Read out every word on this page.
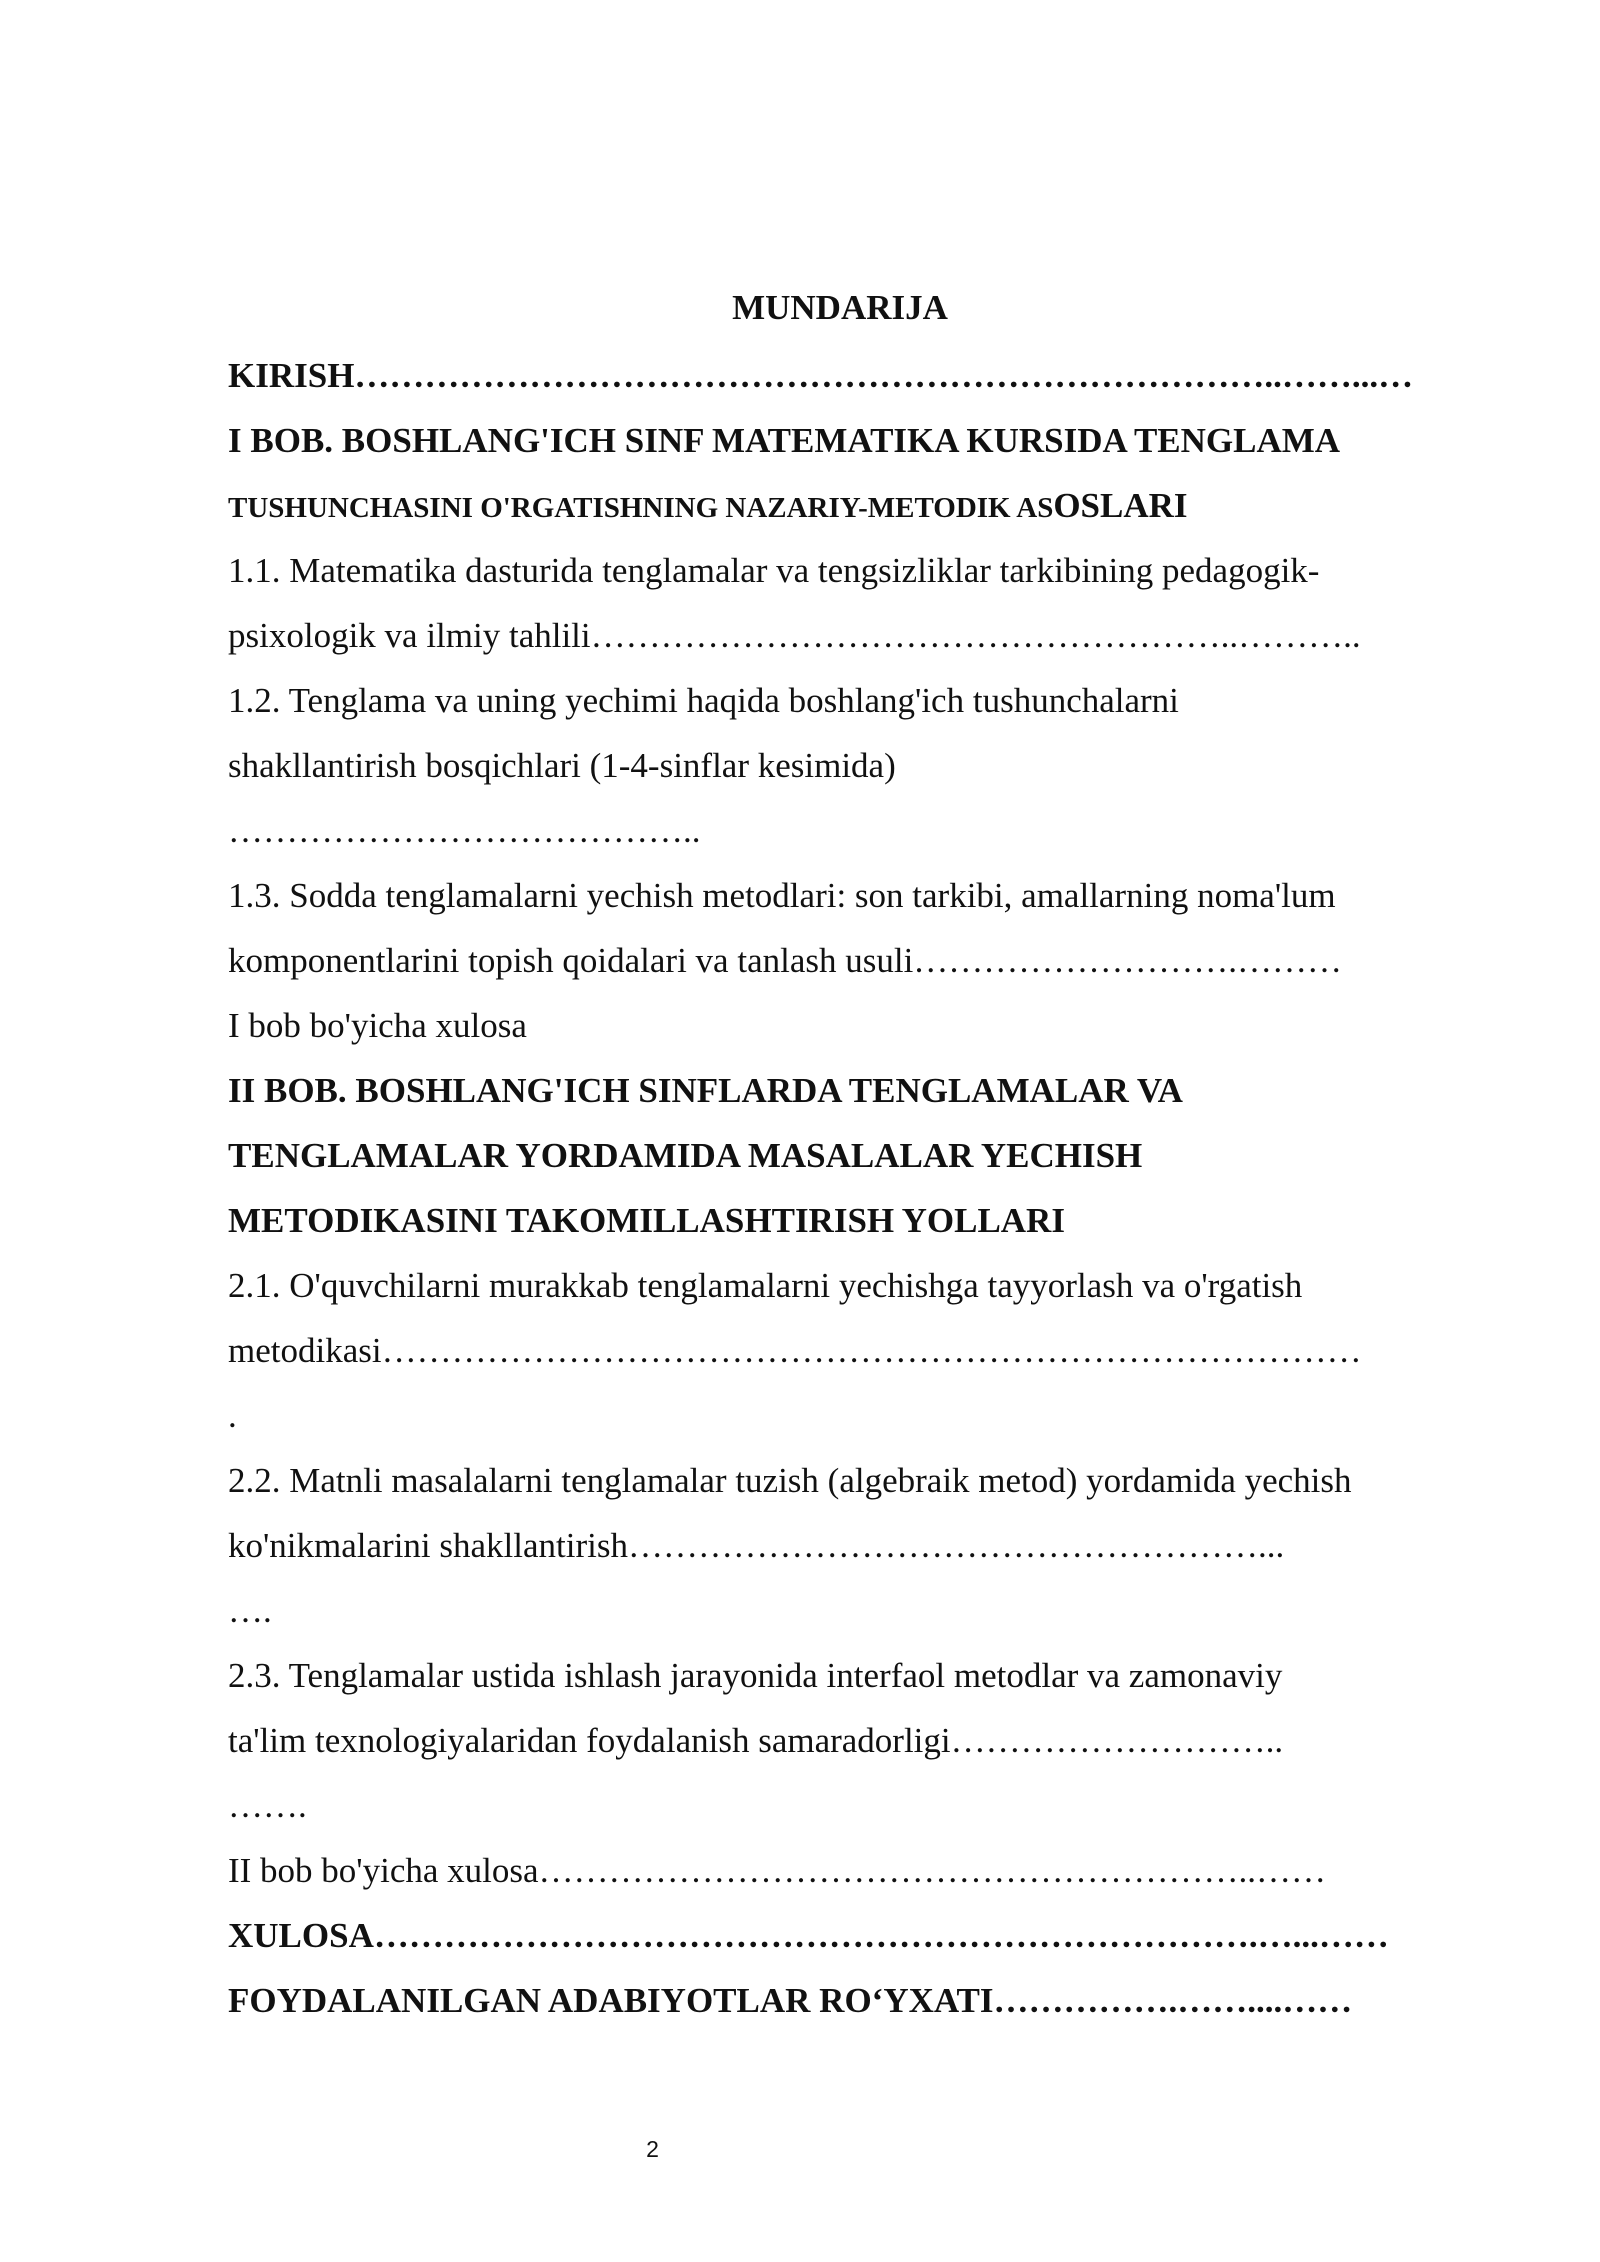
MUNDARIJA
KIRISH……………………………………………………………………..……...…
I BOB. BOSHLANG'ICH SINF MATEMATIKA KURSIDA TENGLAMA
TUSHUNCHASINI O'RGATISHNING NAZARIY-METODIK ASOSLARI
1.1. Matematika dasturida tenglamalar va tengsizliklar tarkibining pedagogik-
psixologik va ilmiy tahlili………………………………………………..………..
1.2. Tenglama va uning yechimi haqida boshlang'ich tushunchalarni
shakllantirish bosqichlari (1-4-sinflar kesimida)
…………………………………..
1.3. Sodda tenglamalarni yechish metodlari: son tarkibi, amallarning noma'lum
komponentlarini topish qoidalari va tanlash usuli……………………….………
I bob bo'yicha xulosa
II BOB. BOSHLANG'ICH SINFLARDA TENGLAMALAR VA
TENGLAMALAR YORDAMIDA MASALALAR YECHISH
METODIKASINI TAKOMILLASHTIRISH YOLLARI
2.1. O'quvchilarni murakkab tenglamalarni yechishga tayyorlash va o'rgatish
metodikasi…………………………………………………………………………
.
2.2. Matnli masalalarni tenglamalar tuzish (algebraik metod) yordamida yechish
ko'nikmalarini shakllantirish………………………………………………...
….
2.3. Tenglamalar ustida ishlash jarayonida interfaol metodlar va zamonaviy
ta'lim texnologiyalaridan foydalanish samaradorligi………………………..
…….
II bob bo'yicha xulosa……………………………………………………..……
XULOSA………………………………………………………………….…...……
FOYDALANILGAN ADABIYOTLAR RO‘YXATI…………….……....……
2
